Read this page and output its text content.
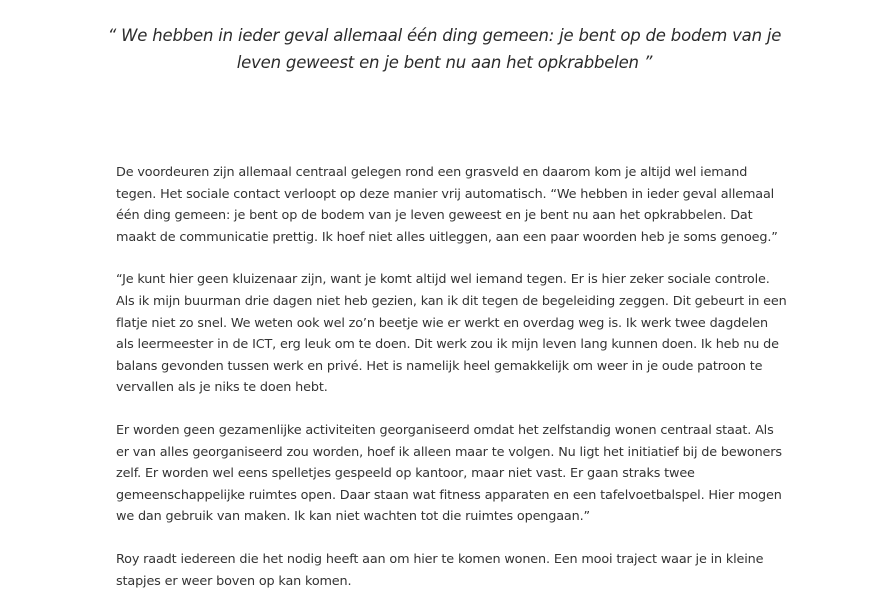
“ We hebben in ieder geval allemaal één ding gemeen: je bent op de bodem van je leven geweest en je bent nu aan het opkrabbelen ”

De voordeuren zijn allemaal centraal gelegen rond een grasveld en daarom kom je altijd wel iemand tegen. Het sociale contact verloopt op deze manier vrij automatisch. “We hebben in ieder geval allemaal één ding gemeen: je bent op de bodem van je leven geweest en je bent nu aan het opkrabbelen. Dat maakt de communicatie prettig. Ik hoef niet alles uitleggen, aan een paar woorden heb je soms genoeg.”

“Je kunt hier geen kluizenaar zijn, want je komt altijd wel iemand tegen. Er is hier zeker sociale controle. Als ik mijn buurman drie dagen niet heb gezien, kan ik dit tegen de begeleiding zeggen. Dit gebeurt in een flatje niet zo snel. We weten ook wel zo’n beetje wie er werkt en overdag weg is. Ik werk twee dagdelen als leermeester in de ICT, erg leuk om te doen. Dit werk zou ik mijn leven lang kunnen doen. Ik heb nu de balans gevonden tussen werk en privé. Het is namelijk heel gemakkelijk om weer in je oude patroon te vervallen als je niks te doen hebt.

Er worden geen gezamenlijke activiteiten georganiseerd omdat het zelfstandig wonen centraal staat. Als er van alles georganiseerd zou worden, hoef ik alleen maar te volgen. Nu ligt het initiatief bij de bewoners zelf. Er worden wel eens spelletjes gespeeld op kantoor, maar niet vast. Er gaan straks twee gemeenschappelijke ruimtes open. Daar staan wat fitness apparaten en een tafelvoetbalspel. Hier mogen we dan gebruik van maken. Ik kan niet wachten tot die ruimtes opengaan.”

Roy raadt iedereen die het nodig heeft aan om hier te komen wonen. Een mooi traject waar je in kleine stapjes er weer boven op kan komen.
